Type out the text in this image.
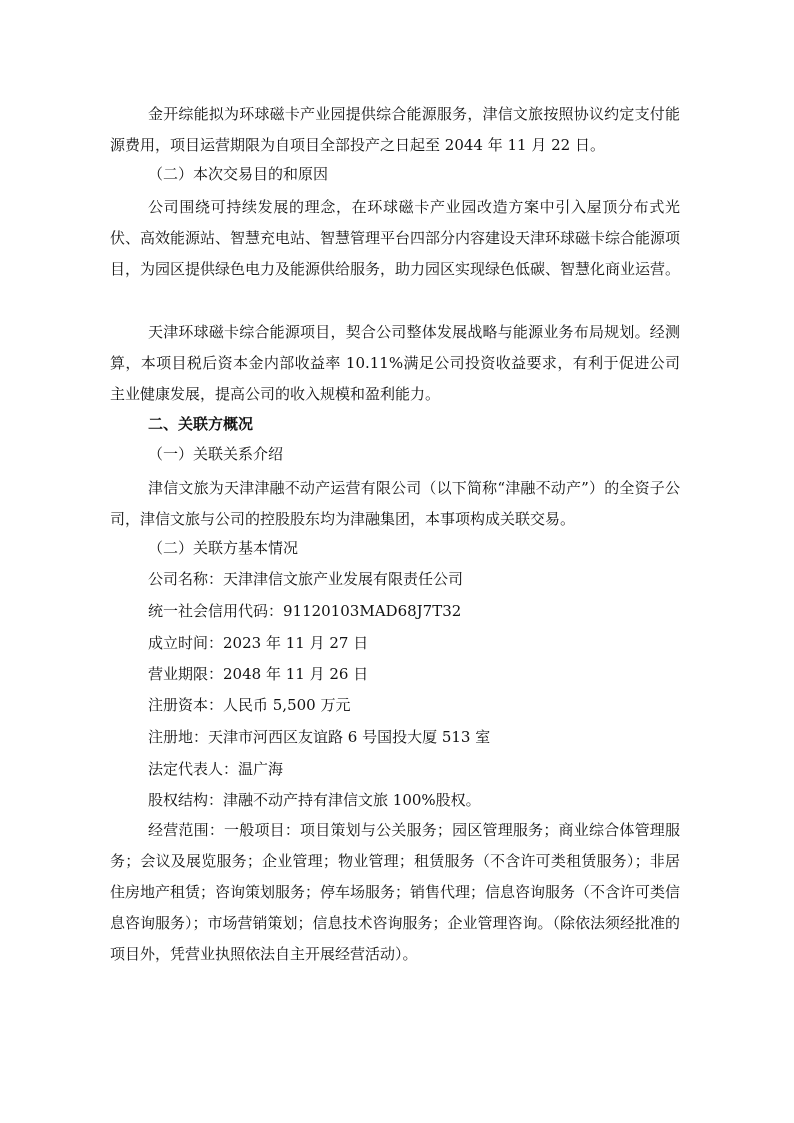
金开综能拟为环球磁卡产业园提供综合能源服务，津信文旅按照协议约定支付能源费用，项目运营期限为自项目全部投产之日起至 2044 年 11 月 22 日。
（二）本次交易目的和原因
公司围绕可持续发展的理念，在环球磁卡产业园改造方案中引入屋顶分布式光伏、高效能源站、智慧充电站、智慧管理平台四部分内容建设天津环球磁卡综合能源项目，为园区提供绿色电力及能源供给服务，助力园区实现绿色低碳、智慧化商业运营。
天津环球磁卡综合能源项目，契合公司整体发展战略与能源业务布局规划。经测算，本项目税后资本金内部收益率 10.11%满足公司投资收益要求，有利于促进公司主业健康发展，提高公司的收入规模和盈利能力。
二、关联方概况
（一）关联关系介绍
津信文旅为天津津融不动产运营有限公司（以下简称“津融不动产”）的全资子公司，津信文旅与公司的控股股东均为津融集团，本事项构成关联交易。
（二）关联方基本情况
公司名称：天津津信文旅产业发展有限责任公司
统一社会信用代码：91120103MAD68J7T32
成立时间：2023 年 11 月 27 日
营业期限：2048 年 11 月 26 日
注册资本：人民币 5,500 万元
注册地：天津市河西区友谊路 6 号国投大厦 513 室
法定代表人：温广海
股权结构：津融不动产持有津信文旅 100%股权。
经营范围：一般项目：项目策划与公关服务；园区管理服务；商业综合体管理服务；会议及展览服务；企业管理；物业管理；租赁服务（不含许可类租赁服务）；非居住房地产租赁；咨询策划服务；停车场服务；销售代理；信息咨询服务（不含许可类信息咨询服务）；市场营销策划；信息技术咨询服务；企业管理咨询。（除依法须经批准的项目外，凭营业执照依法自主开展经营活动）。
